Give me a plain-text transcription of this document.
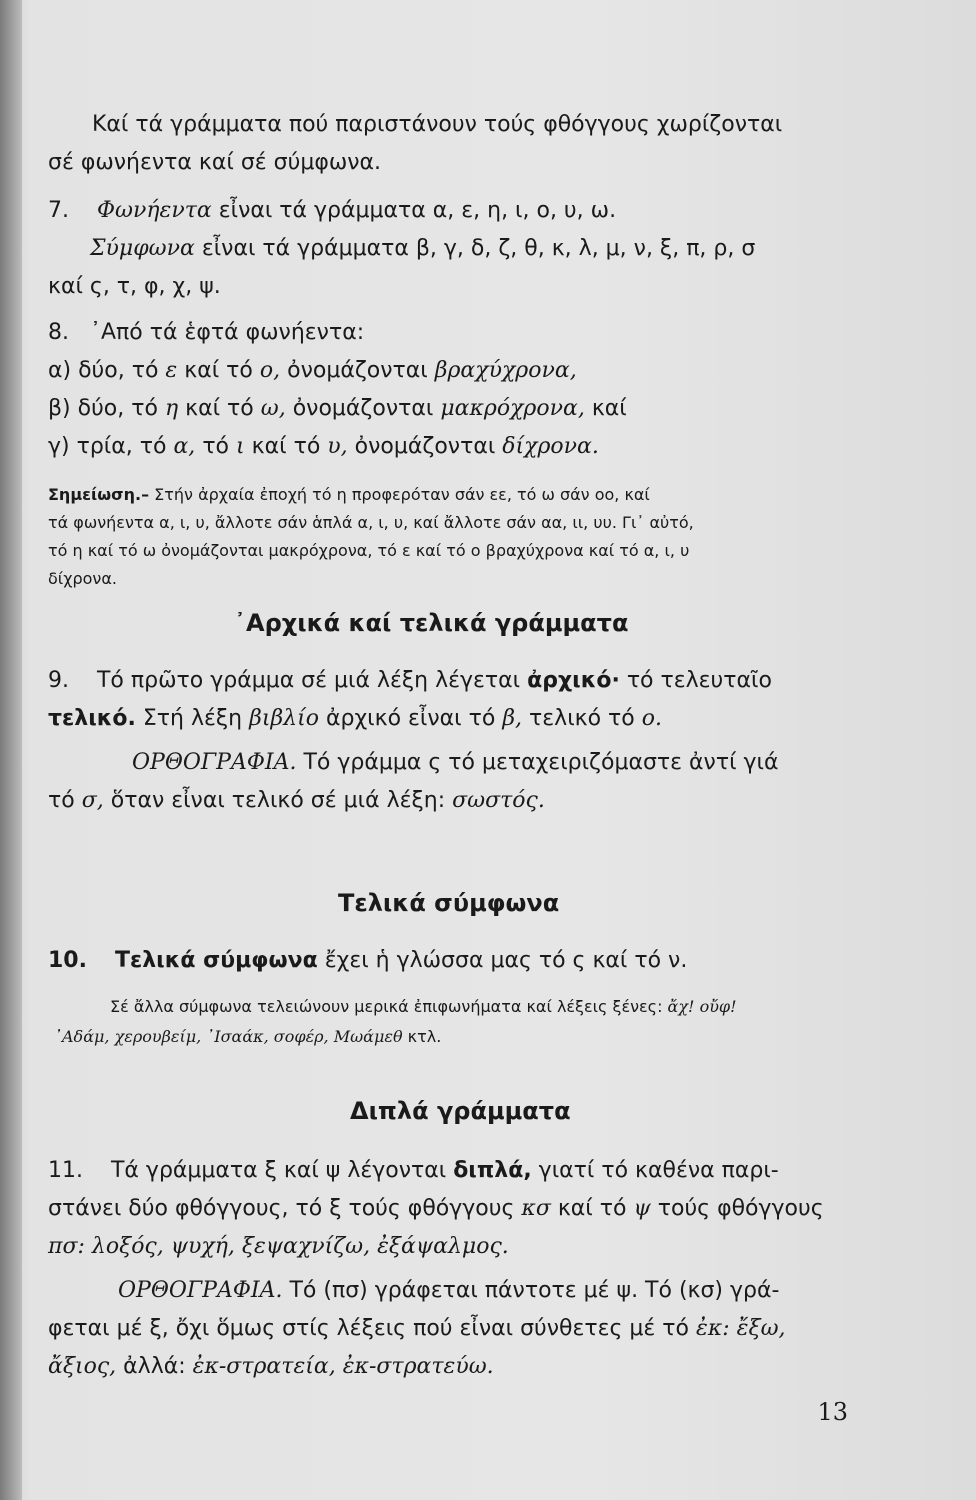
Καί τά γράμματα πού παριστάνουν τούς φθόγγους χωρίζονται
σέ φωνήεντα καί σέ σύμφωνα.
7. Φωνήεντα εἶναι τά γράμματα α, ε, η, ι, ο, υ, ω.
Σύμφωνα εἶναι τά γράμματα β, γ, δ, ζ, θ, κ, λ, μ, ν, ξ, π, ρ, σ
καί ς, τ, φ, χ, ψ.
8. ᾿Από τά ἑφτά φωνήεντα:
α) δύο, τό ε καί τό ο, ὀνομάζονται βραχύχρονα,
β) δύο, τό η καί τό ω, ὀνομάζονται μακρόχρονα, καί
γ) τρία, τό α, τό ι καί τό υ, ὀνομάζονται δίχρονα.
Σημείωση.– Στήν ἀρχαία ἐποχή τό η προφερόταν σάν εε, τό ω σάν οο, καί
τά φωνήεντα α, ι, υ, ἄλλοτε σάν ἁπλά α, ι, υ, καί ἄλλοτε σάν αα, ιι, υυ. Γι᾿ αὐτό,
τό η καί τό ω ὀνομάζονται μακρόχρονα, τό ε καί τό ο βραχύχρονα καί τό α, ι, υ
δίχρονα.
᾿Αρχικά καί τελικά γράμματα
9. Τό πρῶτο γράμμα σέ μιά λέξη λέγεται ἀρχικό· τό τελευταῖο
τελικό. Στή λέξη βιβλίο ἀρχικό εἶναι τό β, τελικό τό ο.
ΟΡΘΟΓΡΑΦΙΑ. Τό γράμμα ς τό μεταχειριζόμαστε ἀντί γιά
τό σ, ὅταν εἶναι τελικό σέ μιά λέξη: σωστός.
Τελικά σύμφωνα
10. Τελικά σύμφωνα ἔχει ἡ γλώσσα μας τό ς καί τό ν.
Σέ ἄλλα σύμφωνα τελειώνουν μερικά ἐπιφωνήματα καί λέξεις ξένες: ἄχ! οὔφ!
᾿Αδάμ, χερουβείμ, ᾿Ισαάκ, σοφέρ, Μωάμεθ κτλ.
Διπλά γράμματα
11. Τά γράμματα ξ καί ψ λέγονται διπλά, γιατί τό καθένα παρι-
στάνει δύο φθόγγους, τό ξ τούς φθόγγους κσ καί τό ψ τούς φθόγγους
πσ: λοξός, ψυχή, ξεψαχνίζω, ἐξάψαλμος.
ΟΡΘΟΓΡΑΦΙΑ. Τό (πσ) γράφεται πάντοτε μέ ψ. Τό (κσ) γρά-
φεται μέ ξ, ὄχι ὅμως στίς λέξεις πού εἶναι σύνθετες μέ τό ἐκ: ἔξω,
ἄξιος, ἀλλά: ἐκ-στρατεία, ἐκ-στρατεύω.
13
